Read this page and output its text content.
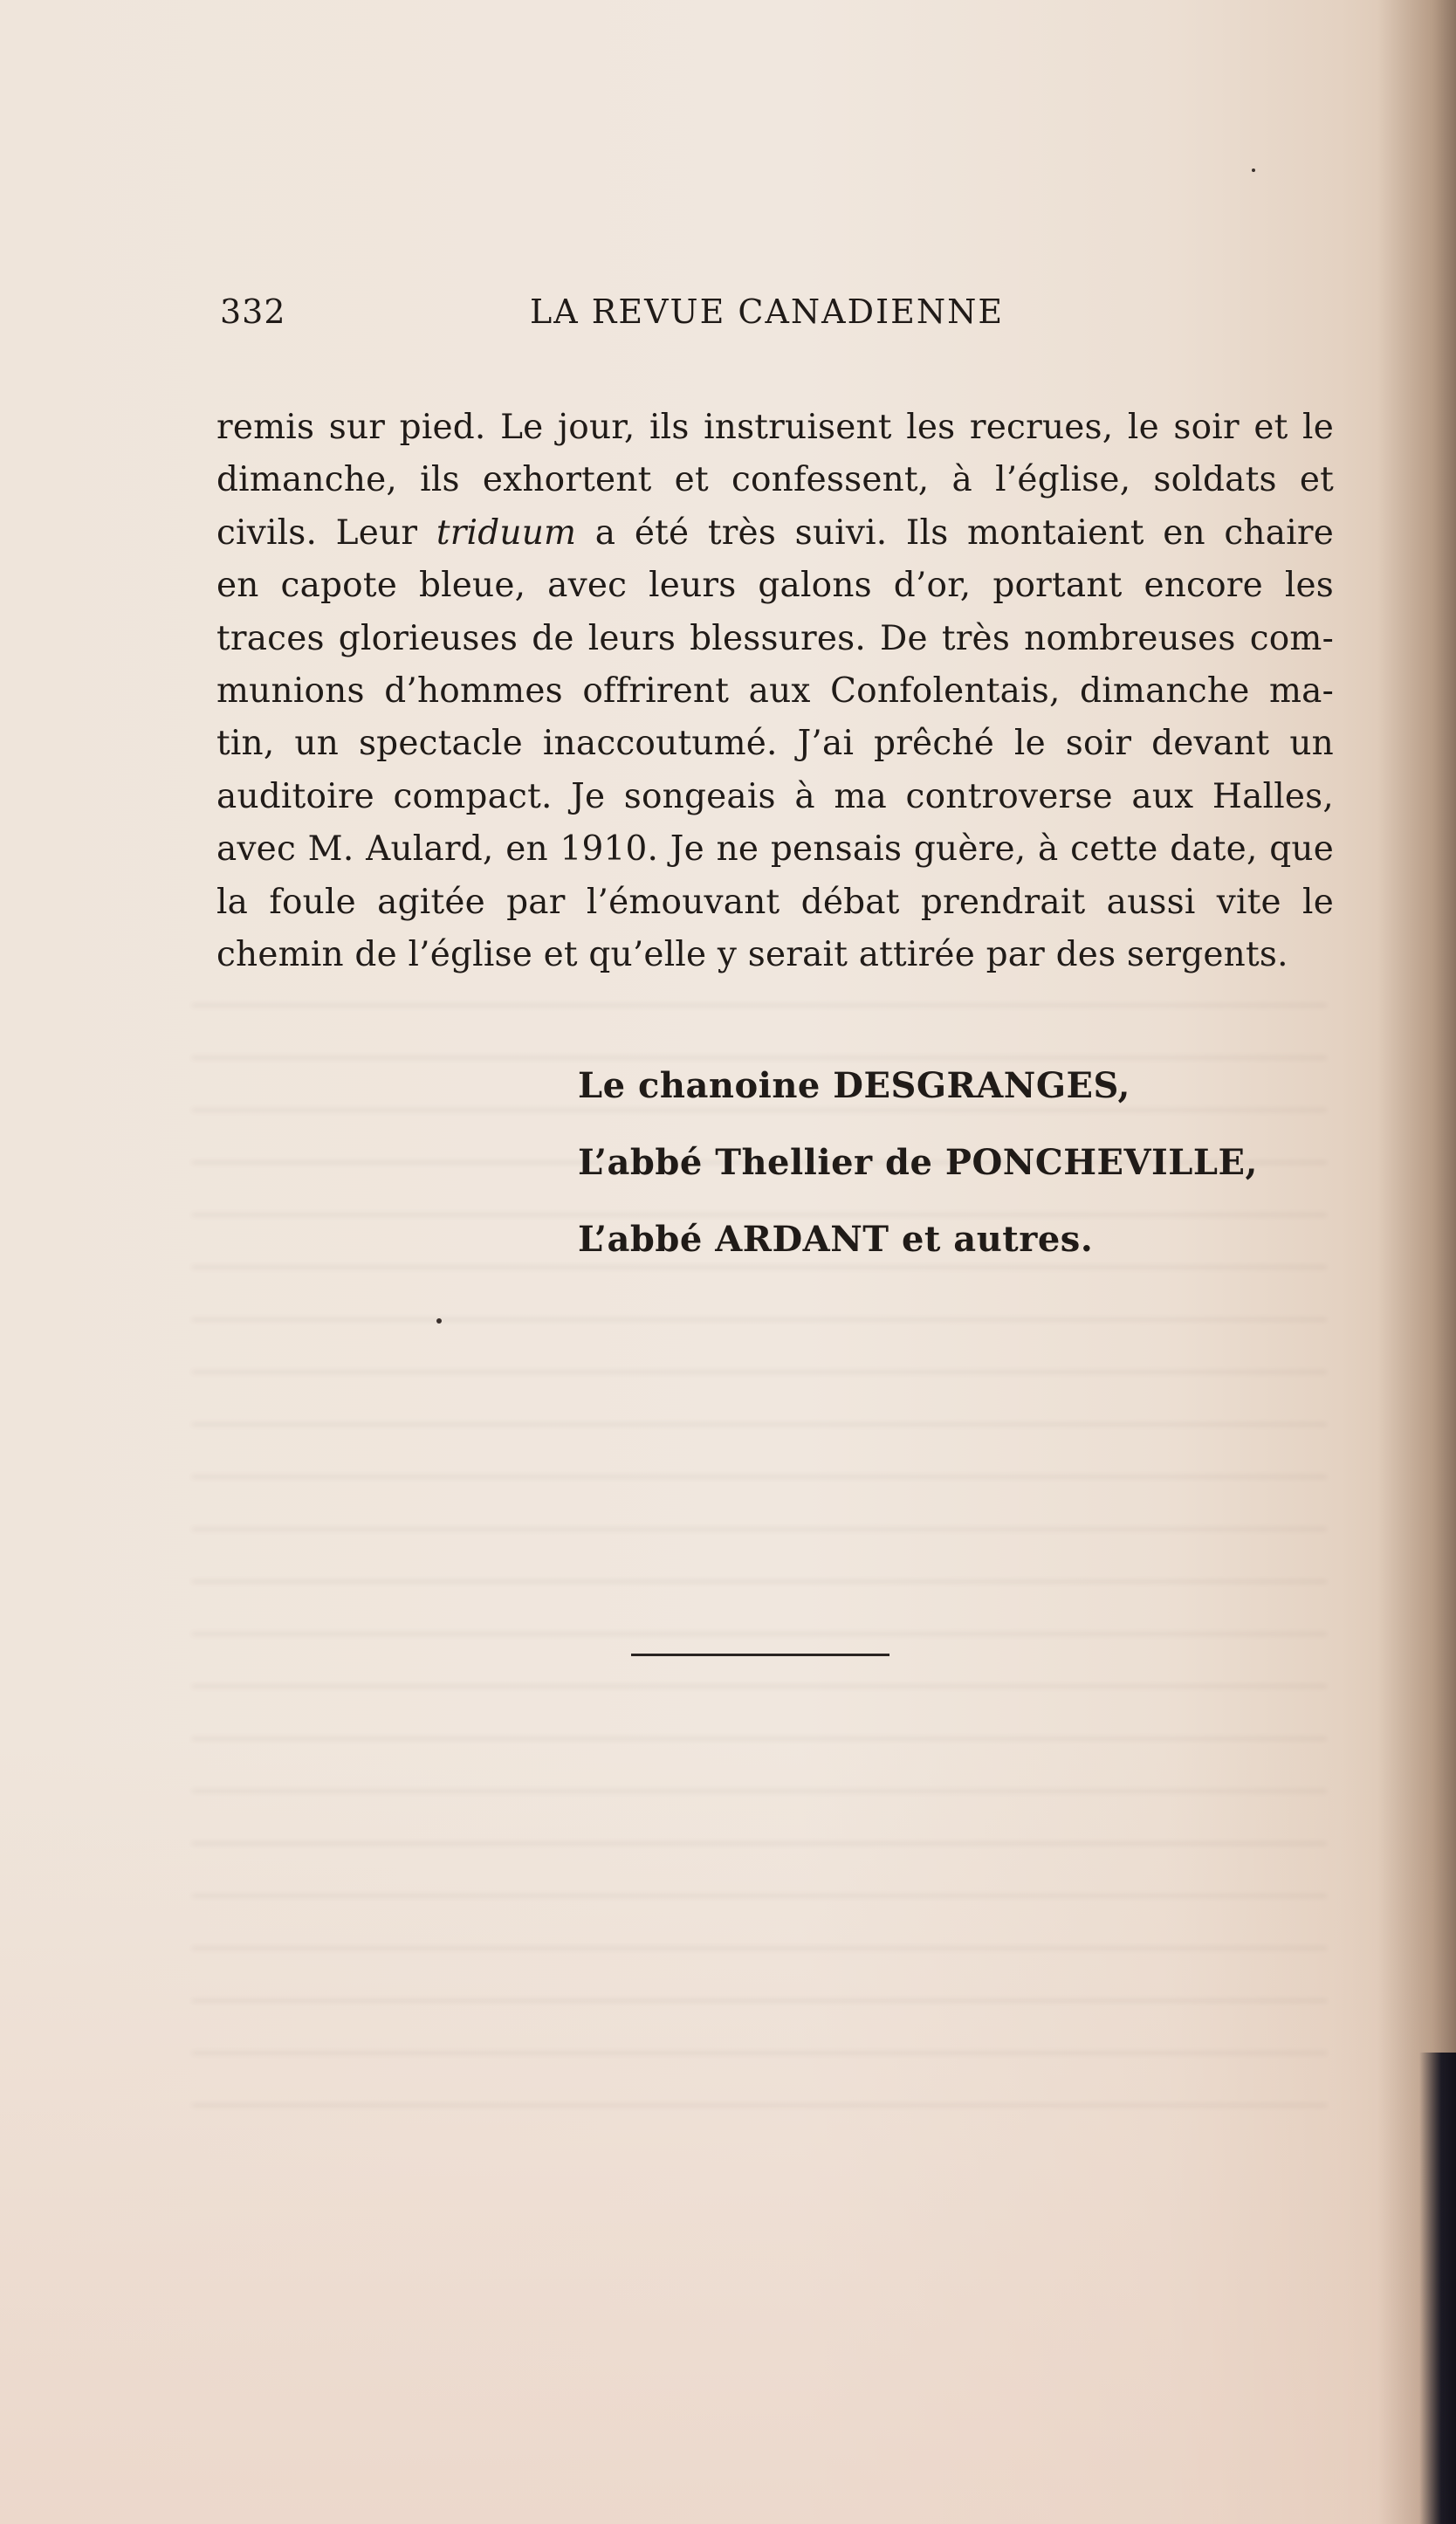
332	LA REVUE CANADIENNE
remis sur pied. Le jour, ils instruisent les recrues, le soir et le
dimanche, ils exhortent et confessent, à l’église, soldats et
civils. Leur triduum a été très suivi. Ils montaient en chaire
en capote bleue, avec leurs galons d’or, portant encore les
traces glorieuses de leurs blessures. De très nombreuses com-
munions d’hommes offrirent aux Confolentais, dimanche ma-
tin, un spectacle inaccoutumé. J’ai prêché le soir devant un
auditoire compact. Je songeais à ma controverse aux Halles,
avec M. Aulard, en 1910. Je ne pensais guère, à cette date, que
la foule agitée par l’émouvant débat prendrait aussi vite le
chemin de l’église et qu’elle y serait attirée par des sergents.
Le chanoine DESGRANGES,
L’abbé Thellier de PONCHEVILLE,
L’abbé ARDANT et autres.
